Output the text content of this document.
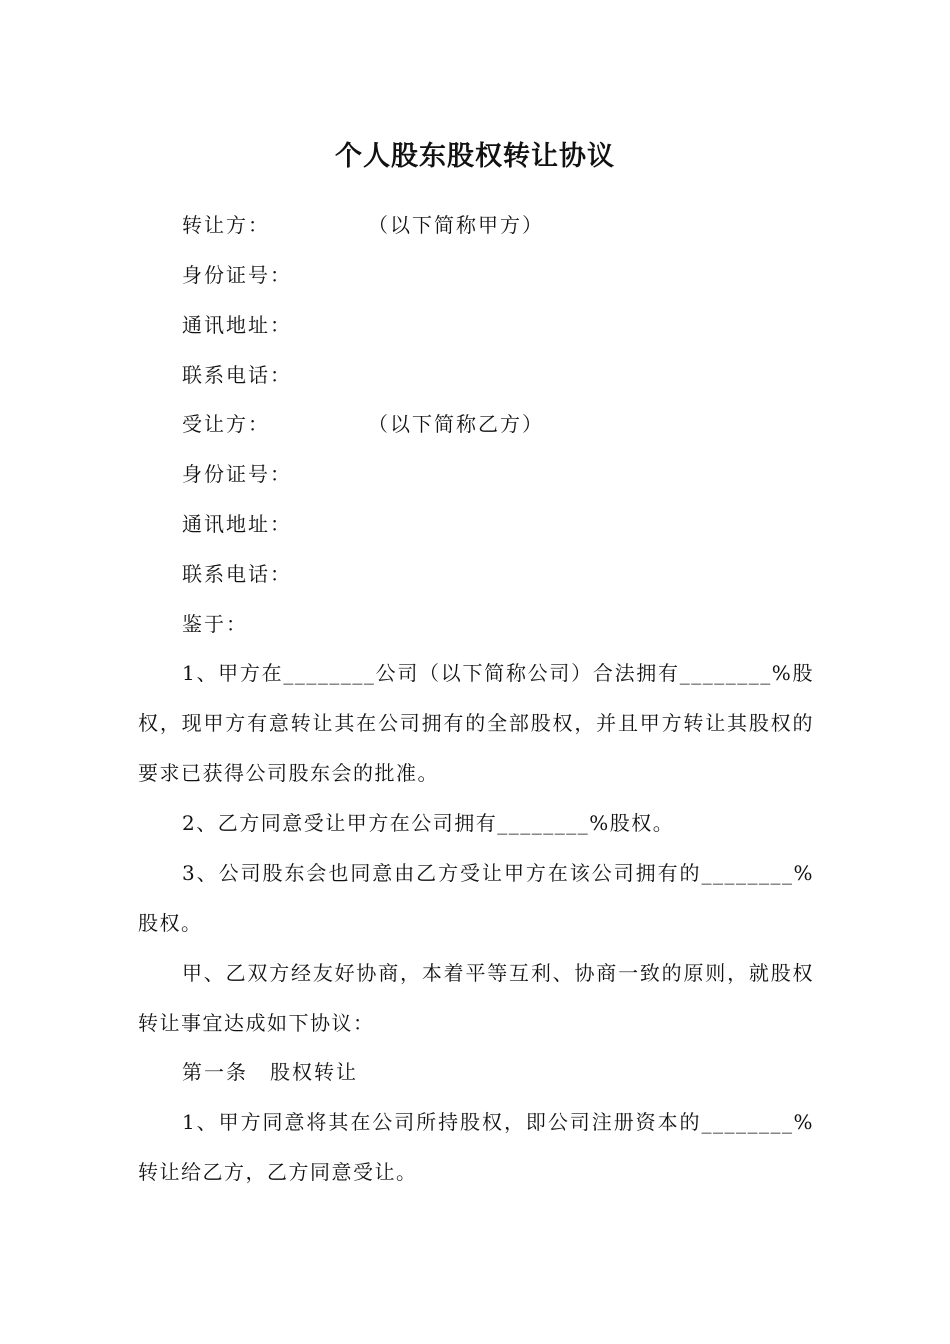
个人股东股权转让协议
转让方：	（以下简称甲方）
身份证号：
通讯地址：
联系电话：
受让方：	（以下简称乙方）
身份证号：
通讯地址：
联系电话：
鉴于：
1、甲方在________公司（以下简称公司）合法拥有________%股权，现甲方有意转让其在公司拥有的全部股权，并且甲方转让其股权的要求已获得公司股东会的批准。
2、乙方同意受让甲方在公司拥有________%股权。
3、公司股东会也同意由乙方受让甲方在该公司拥有的________%股权。
甲、乙双方经友好协商，本着平等互利、协商一致的原则，就股权转让事宜达成如下协议：
第一条　股权转让
1、甲方同意将其在公司所持股权，即公司注册资本的________%转让给乙方，乙方同意受让。
